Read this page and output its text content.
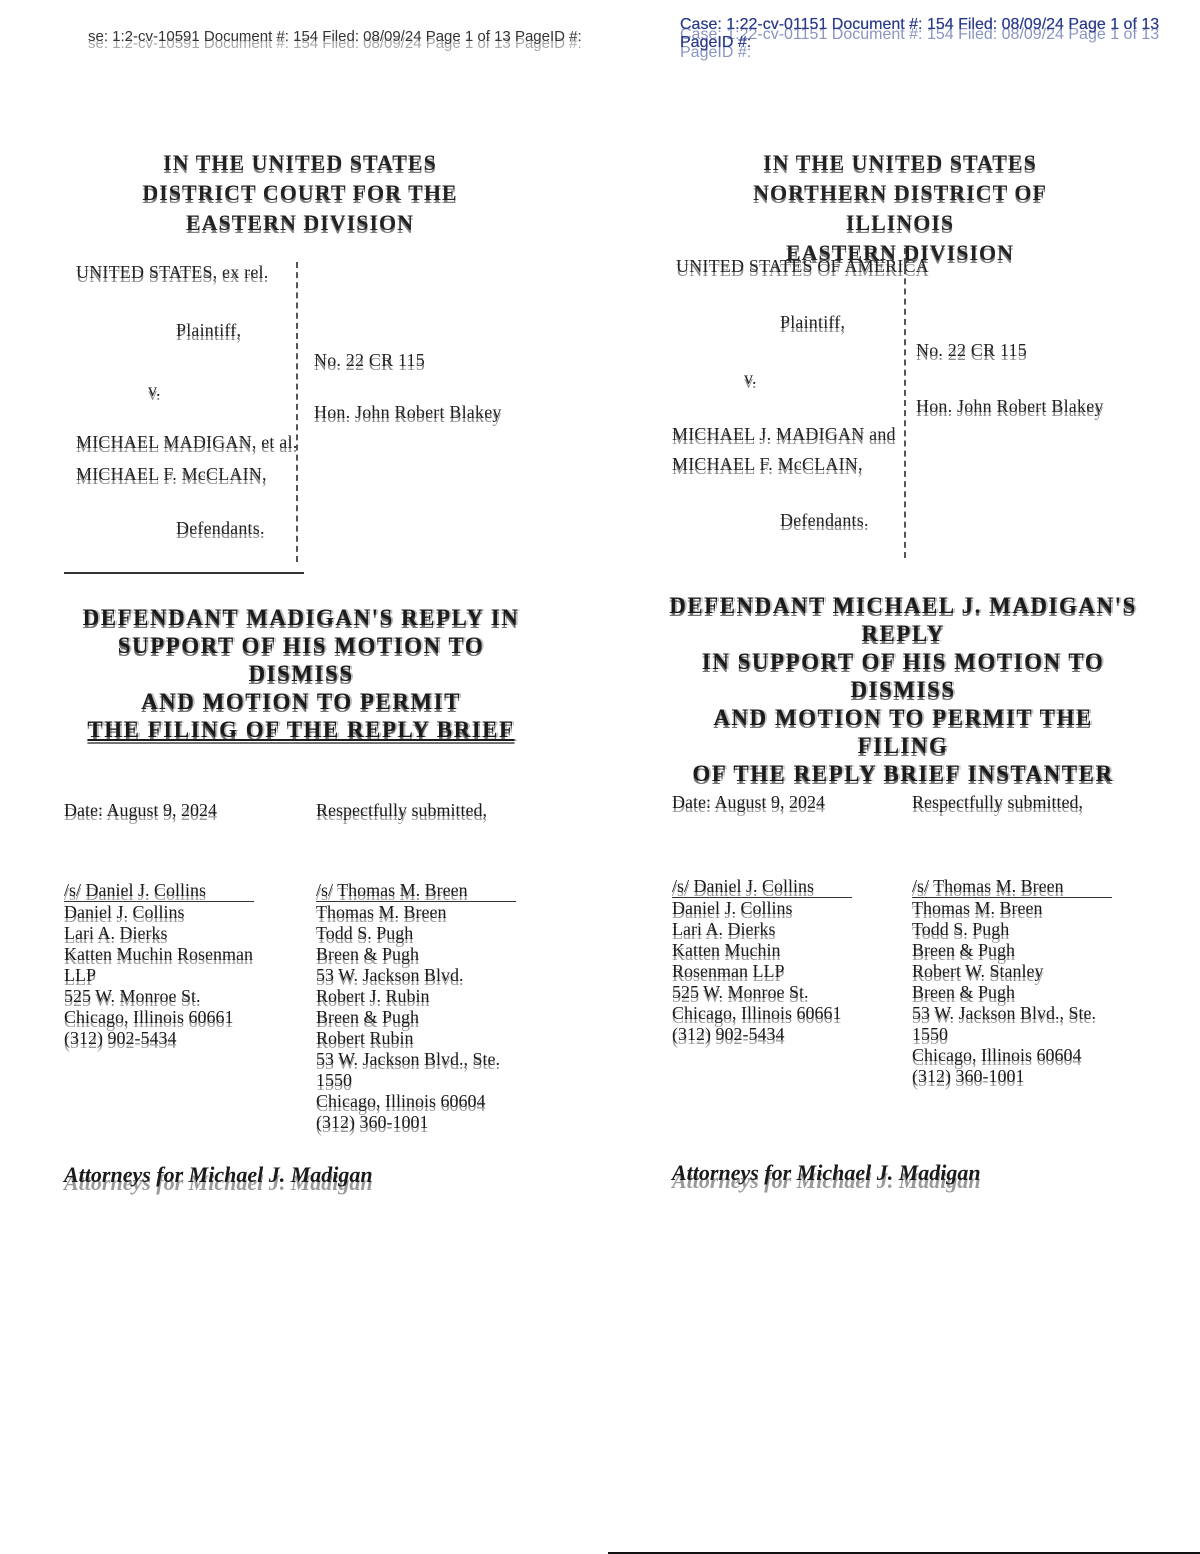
se: 1:2-cv-10591 Document #: 154 Filed: 08/09/24 Page 1 of 13 PageID #:
Case: 1:22-cv-01151 Document #: 154 Filed: 08/09/24 Page 1 of 13 PageID #:
IN THE UNITED STATES
DISTRICT COURT FOR THE
EASTERN DIVISION
UNITED STATES, ex rel.
Plaintiff,
v.
MICHAEL MADIGAN, et al.
MICHAEL F. McCLAIN,
Defendants.
No. 22 CR 115
Hon. John Robert Blakey
DEFENDANT MADIGAN'S REPLY IN
SUPPORT OF HIS MOTION TO DISMISS
AND MOTION TO PERMIT
THE FILING OF THE REPLY BRIEF
Date: August 9, 2024	Respectfully submitted,
/s/ Daniel J. Collins
Daniel J. Collins
Lari A. Dierks
Katten Muchin Rosenman LLP
525 W. Monroe St.
Chicago, Illinois 60661
(312) 902-5434
/s/ Thomas M. Breen
Thomas M. Breen
Todd S. Pugh
Breen & Pugh
53 W. Jackson Blvd.
Robert J. Rubin
Breen & Pugh
Robert Rubin
53 W. Jackson Blvd., Ste. 1550
Chicago, Illinois 60604
(312) 360-1001
Attorneys for Michael J. Madigan
IN THE UNITED STATES
NORTHERN DISTRICT OF ILLINOIS
EASTERN DIVISION
UNITED STATES OF AMERICA
Plaintiff,
v.
MICHAEL J. MADIGAN and
MICHAEL F. McCLAIN,
Defendants.
No. 22 CR 115
Hon. John Robert Blakey
DEFENDANT MICHAEL J. MADIGAN'S REPLY
IN SUPPORT OF HIS MOTION TO DISMISS
AND MOTION TO PERMIT THE FILING
OF THE REPLY BRIEF INSTANTER
Date: August 9, 2024	Respectfully submitted,
/s/ Daniel J. Collins
Daniel J. Collins
Lari A. Dierks
Katten Muchin Rosenman LLP
525 W. Monroe St.
Chicago, Illinois 60661
(312) 902-5434
/s/ Thomas M. Breen
Thomas M. Breen
Todd S. Pugh
Breen & Pugh
Robert W. Stanley
Breen & Pugh
53 W. Jackson Blvd., Ste. 1550
Chicago, Illinois 60604
(312) 360-1001
Attorneys for Michael J. Madigan
